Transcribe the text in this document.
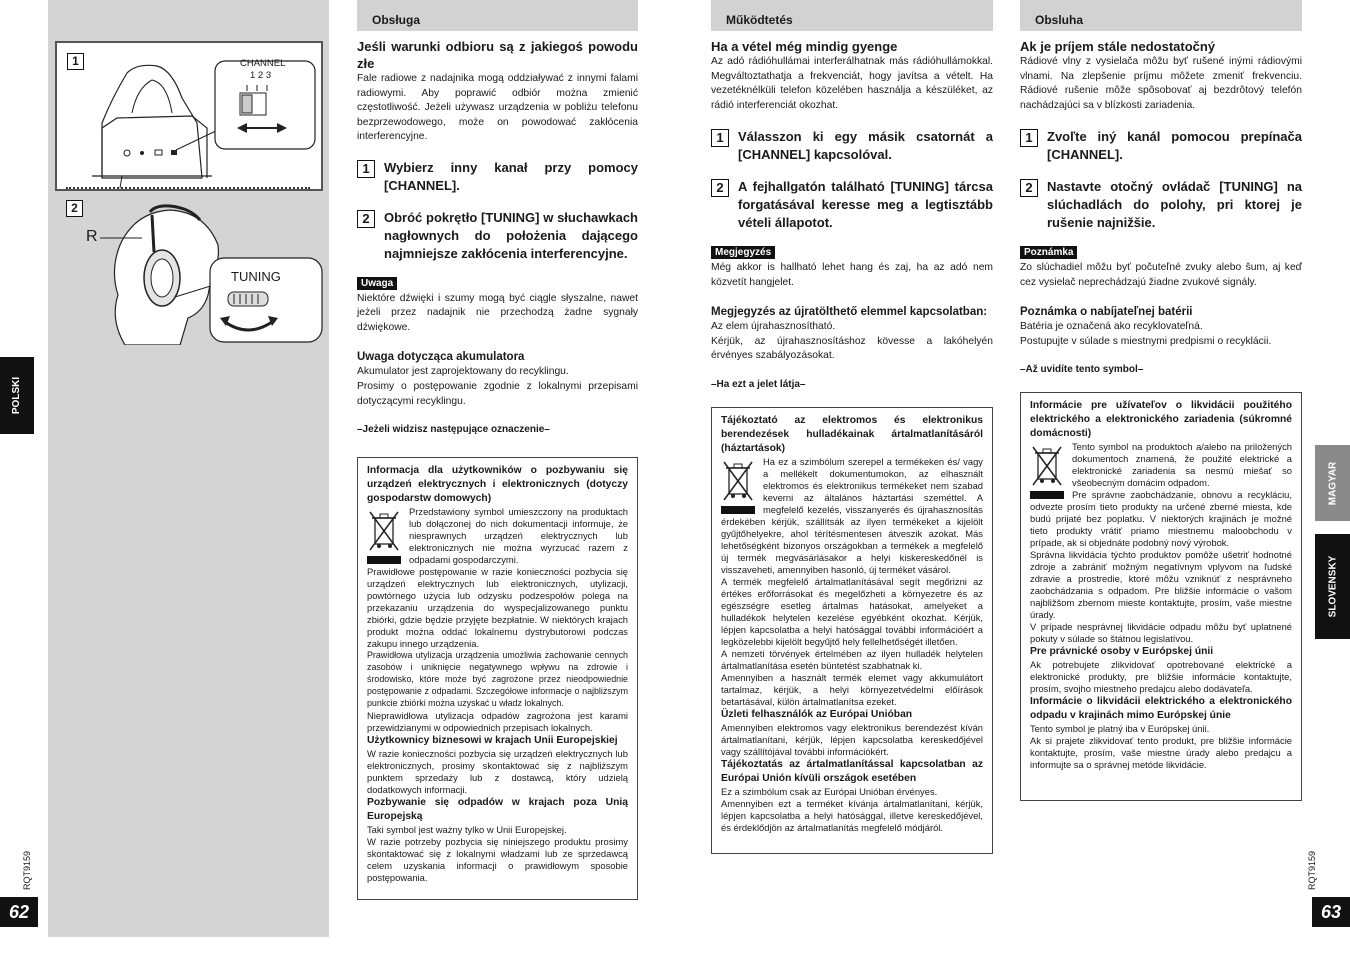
1	CHANNEL
1 2 3
2
R
TUNING
POLSKI
RQT9159
62
Obsługa
Jeśli warunki odbioru są z jakiegoś powodu złe

Fale radiowe z nadajnika mogą oddziaływać z innymi falami radiowymi. Aby poprawić odbiór można zmienić częstotliwość. Jeżeli używasz urządzenia w pobliżu telefonu bezprzewodowego, może on powodować zakłócenia interferencyjne.

1	Wybierz inny kanał przy pomocy [CHANNEL].
2	Obróć pokrętło [TUNING] w słuchawkach nagłownych do położenia dającego najmniejsze zakłócenia interferencyjne.
Uwaga

Niektóre dźwięki i szumy mogą być ciągle słyszalne, nawet jeżeli przez nadajnik nie przechodzą żadne sygnały dźwiękowe.

Uwaga dotycząca akumulatora

Akumulator jest zaprojektowany do recyklingu.

Prosimy o postępowanie zgodnie z lokalnymi przepisami dotyczącymi recyklingu.

–Jeżeli widzisz następujące oznaczenie–

Informacja dla użytkowników o pozbywaniu się urządzeń elektrycznych i elektronicznych (dotyczy gospodarstw domowych)

Przedstawiony symbol umieszczony na produktach lub dołączonej do nich dokumentacji informuje, że niesprawnych urządzeń elektrycznych lub elektronicznych nie można wyrzucać razem z odpadami gospodarczymi.

Prawidłowe postępowanie w razie konieczności pozbycia się urządzeń elektrycznych lub elektronicznych, utylizacji, powtórnego użycia lub odzysku podzespołów polega na przekazaniu urządzenia do wyspecjalizowanego punktu zbiórki, gdzie będzie przyjęte bezpłatnie. W niektórych krajach produkt można oddać lokalnemu dystrybutorowi podczas zakupu innego urządzenia.

Prawidłowa utylizacja urządzenia umożliwia zachowanie cennych zasobów i uniknięcie negatywnego wpływu na zdrowie i środowisko, które może być zagrożone przez nieodpowiednie postępowanie z odpadami. Szczegółowe informacje o najbliższym punkcie zbiórki można uzyskać u władz lokalnych.

Nieprawidłowa utylizacja odpadów zagrożona jest karami przewidzianymi w odpowiednich przepisach lokalnych.

Użytkownicy biznesowi w krajach Unii Europejskiej

W razie konieczności pozbycia się urządzeń elektrycznych lub elektronicznych, prosimy skontaktować się z najbliższym punktem sprzedaży lub z dostawcą, który udzielą dodatkowych informacji.

Pozbywanie się odpadów w krajach poza Unią Europejską

Taki symbol jest ważny tylko w Unii Europejskej.

W razie potrzeby pozbycia się niniejszego produktu prosimy skontaktować się z lokalnymi władzami lub ze sprzedawcą celem uzyskania informacji o prawidłowym sposobie postępowania.

Működtetés
Ha a vétel még mindig gyenge

Az adó rádióhullámai interferálhatnak más rádióhullámokkal. Megváltoztathatja a frekvenciát, hogy javítsa a vételt. Ha vezetéknélküli telefon közelében használja a készüléket, az rádió interferenciát okozhat.

1	Válasszon ki egy másik csatornát a [CHANNEL] kapcsolóval.
2	A fejhallgatón található [TUNING] tárcsa forgatásával keresse meg a legtisztább vételi állapotot.
Megjegyzés

Még akkor is hallható lehet hang és zaj, ha az adó nem közvetít hangjelet.

Megjegyzés az újratölthető elemmel kapcsolatban:

Az elem újrahasznosítható.

Kérjük, az újrahasznosításhoz kövesse a lakóhelyén érvényes szabályozásokat.

–Ha ezt a jelet látja–

Tájékoztató az elektromos és elektronikus berendezések hulladékainak ártalmatlanításáról (háztartások)

Ha ez a szimbólum szerepel a termékeken és/ vagy a mellékelt dokumentumokon, az elhasznált elektromos és elektronikus termékeket nem szabad keverni az általános háztartási szeméttel. A megfelelő kezelés, visszanyerés és újrahasznosítás érdekében kérjük, szállítsák az ilyen termékeket a kijelölt gyűjtőhelyekre, ahol térítésmentesen átveszik azokat. Más lehetőségként bizonyos országokban a termékek a megfelelő új termék megvásárlásakor a helyi kiskereskedőnél is visszaveheti, amennyiben hasonló, új terméket vásárol.

A termék megfelelő ártalmatlanításával segít megőrizni az értékes erőforrásokat és megelőzheti a környezetre és az egészségre esetleg ártalmas hatásokat, amelyeket a hulladékok helytelen kezelése egyébként okozhat. Kérjük, lépjen kapcsolatba a helyi hatósággal további információért a legközelebbi kijelölt begyűjtő hely fellelhetőségét illetően.

A nemzeti törvények értelmében az ilyen hulladék helytelen ártalmatlanítása esetén büntetést szabhatnak ki.

Amennyiben a használt termék elemet vagy akkumulátort tartalmaz, kérjük, a helyi környezetvédelmi előírások betartásával, külön ártalmatlanítsa ezeket.

Üzleti felhasználók az Európai Unióban

Amennyiben elektromos vagy elektronikus berendezést kíván ártalmatlanítani, kérjük, lépjen kapcsolatba kereskedőjével vagy szállítójával további információkért.

Tájékoztatás az ártalmatlanítással kapcsolatban az Európai Unión kívüli országok esetében

Ez a szimbólum csak az Európai Unióban érvényes.

Amennyiben ezt a terméket kívánja ártalmatlanítani, kérjük, lépjen kapcsolatba a helyi hatósággal, illetve kereskedőjével, és érdeklődjön az ártalmatlanítás megfelelő módjáról.

Obsluha
Ak je príjem stále nedostatočný

Rádiové vlny z vysielača môžu byť rušené inými rádiovými vlnami. Na zlepšenie príjmu môžete zmeniť frekvenciu. Rádiové rušenie môže spôsobovať aj bezdrôtový telefón nachádzajúci sa v blízkosti zariadenia.

1	Zvoľte iný kanál pomocou prepínača [CHANNEL].
2	Nastavte otočný ovládač [TUNING] na slúchadlách do polohy, pri ktorej je rušenie najnižšie.
Poznámka

Zo slúchadiel môžu byť počuteľné zvuky alebo šum, aj keď cez vysielač neprechádzajú žiadne zvukové signály.

Poznámka o nabíjateľnej batérii

Batéria je označená ako recyklovateľná.

Postupujte v súlade s miestnymi predpismi o recyklácii.

–Až uvidíte tento symbol–

Informácie pre užívateľov o likvidácii použitého elektrického a elektronického zariadenia (súkromné domácnosti)

Tento symbol na produktoch a/alebo na priložených dokumentoch znamená, že použité elektrické a elektronické zariadenia sa nesmú miešať so všeobecným domácim odpadom.

Pre správne zaobchádzanie, obnovu a recykláciu, odvezte prosím tieto produkty na určené zberné miesta, kde budú prijaté bez poplatku. V niektorých krajinách je možné tieto produkty vrátiť priamo miestnemu maloobchodu v prípade, ak si objednáte podobný nový výrobok.

Správna likvidácia týchto produktov pomôže ušetriť hodnotné zdroje a zabrániť možným negatívnym vplyvom na ľudské zdravie a prostredie, ktoré môžu vzniknúť z nesprávneho zaobchádzania s odpadom. Pre bližšie informácie o vašom najbližšom zbernom mieste kontaktujte, prosím, vaše miestne úrady.

V prípade nesprávnej likvidácie odpadu môžu byť uplatnené pokuty v súlade so štátnou legislatívou.

Pre právnické osoby v Európskej únii

Ak potrebujete zlikvidovať opotrebované elektrické a elektronické produkty, pre bližšie informácie kontaktujte, prosím, svojho miestneho predajcu alebo dodávateľa.

Informácie o likvidácii elektrického a elektronického odpadu v krajinách mimo Európskej únie

Tento symbol je platný iba v Európskej únii.

Ak si prajete zlikvidovať tento produkt, pre bližšie informácie kontaktujte, prosím, vaše miestne úrady alebo predajcu a informujte sa o správnej metóde likvidácie.

MAGYAR
SLOVENSKY
RQT9159
63
